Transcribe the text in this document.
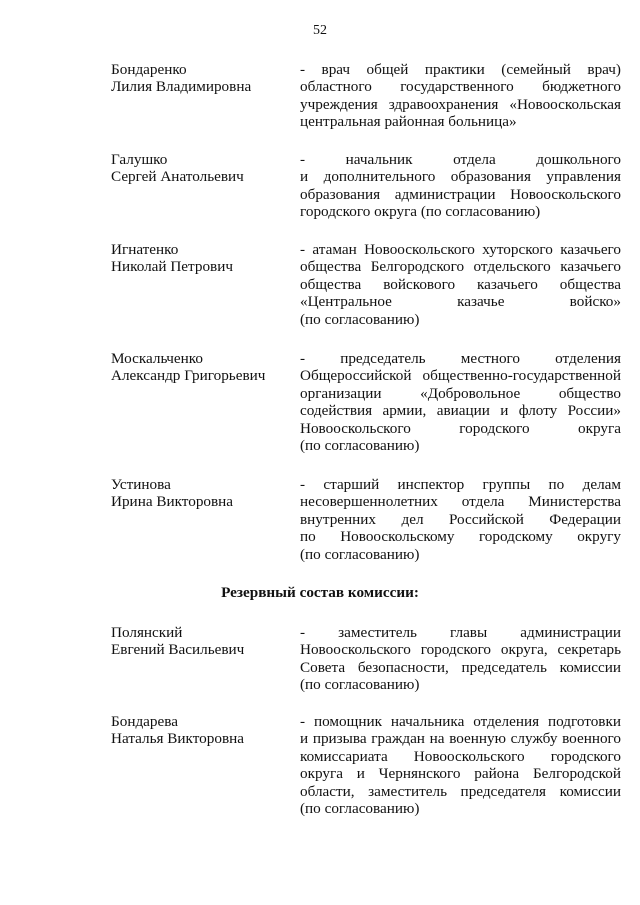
52
Бондаренко
Лилия Владимировна
- врач общей практики (семейный врач)
областного государственного бюджетного
учреждения здравоохранения «Новооскольская
центральная районная больница»
Галушко
Сергей Анатольевич
- начальник отдела дошкольного
и дополнительного образования управления
образования администрации Новооскольского
городского округа (по согласованию)
Игнатенко
Николай Петрович
- атаман Новооскольского хуторского казачьего
общества Белгородского отдельского казачьего
общества войскового казачьего общества
«Центральное казачье войско»
(по согласованию)
Москальченко
Александр Григорьевич
- председатель местного отделения
Общероссийской общественно-государственной
организации «Добровольное общество
содействия армии, авиации и флоту России»
Новооскольского городского округа
(по согласованию)
Устинова
Ирина Викторовна
- старший инспектор группы по делам
несовершеннолетних отдела Министерства
внутренних дел Российской Федерации
по Новооскольскому городскому округу
(по согласованию)
Резервный состав комиссии:
Полянский
Евгений Васильевич
- заместитель главы администрации
Новооскольского городского округа, секретарь
Совета безопасности, председатель комиссии
(по согласованию)
Бондарева
Наталья Викторовна
- помощник начальника отделения подготовки
и призыва граждан на военную службу военного
комиссариата Новооскольского городского
округа и Чернянского района Белгородской
области, заместитель председателя комиссии
(по согласованию)
